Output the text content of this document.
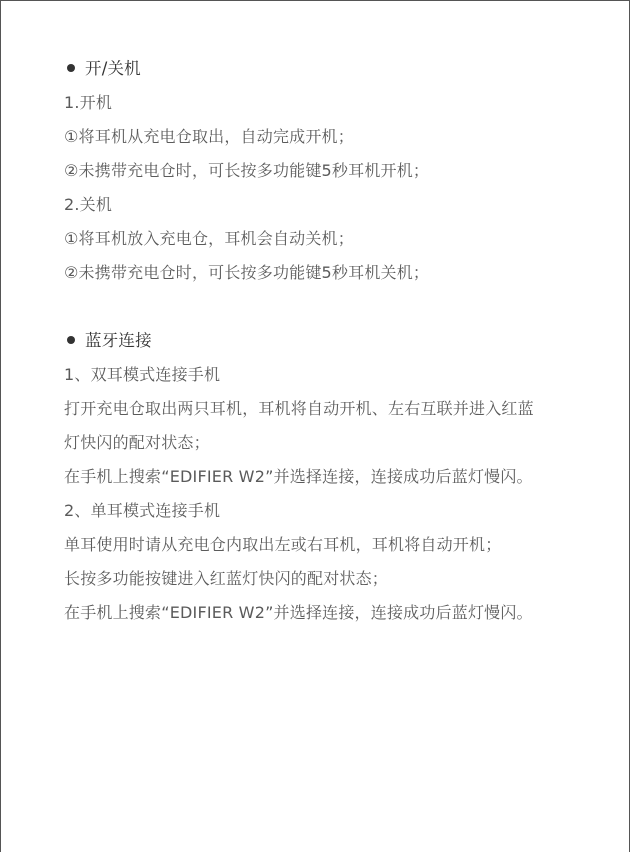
开/关机
1.开机
①将耳机从充电仓取出，自动完成开机；
②未携带充电仓时，可长按多功能键5秒耳机开机；
2.关机
①将耳机放入充电仓，耳机会自动关机；
②未携带充电仓时，可长按多功能键5秒耳机关机；
蓝牙连接
1、双耳模式连接手机
打开充电仓取出两只耳机，耳机将自动开机、左右互联并进入红蓝
灯快闪的配对状态；
在手机上搜索“EDIFIER W2”并选择连接，连接成功后蓝灯慢闪。
2、单耳模式连接手机
单耳使用时请从充电仓内取出左或右耳机，耳机将自动开机；
长按多功能按键进入红蓝灯快闪的配对状态；
在手机上搜索“EDIFIER W2”并选择连接，连接成功后蓝灯慢闪。
